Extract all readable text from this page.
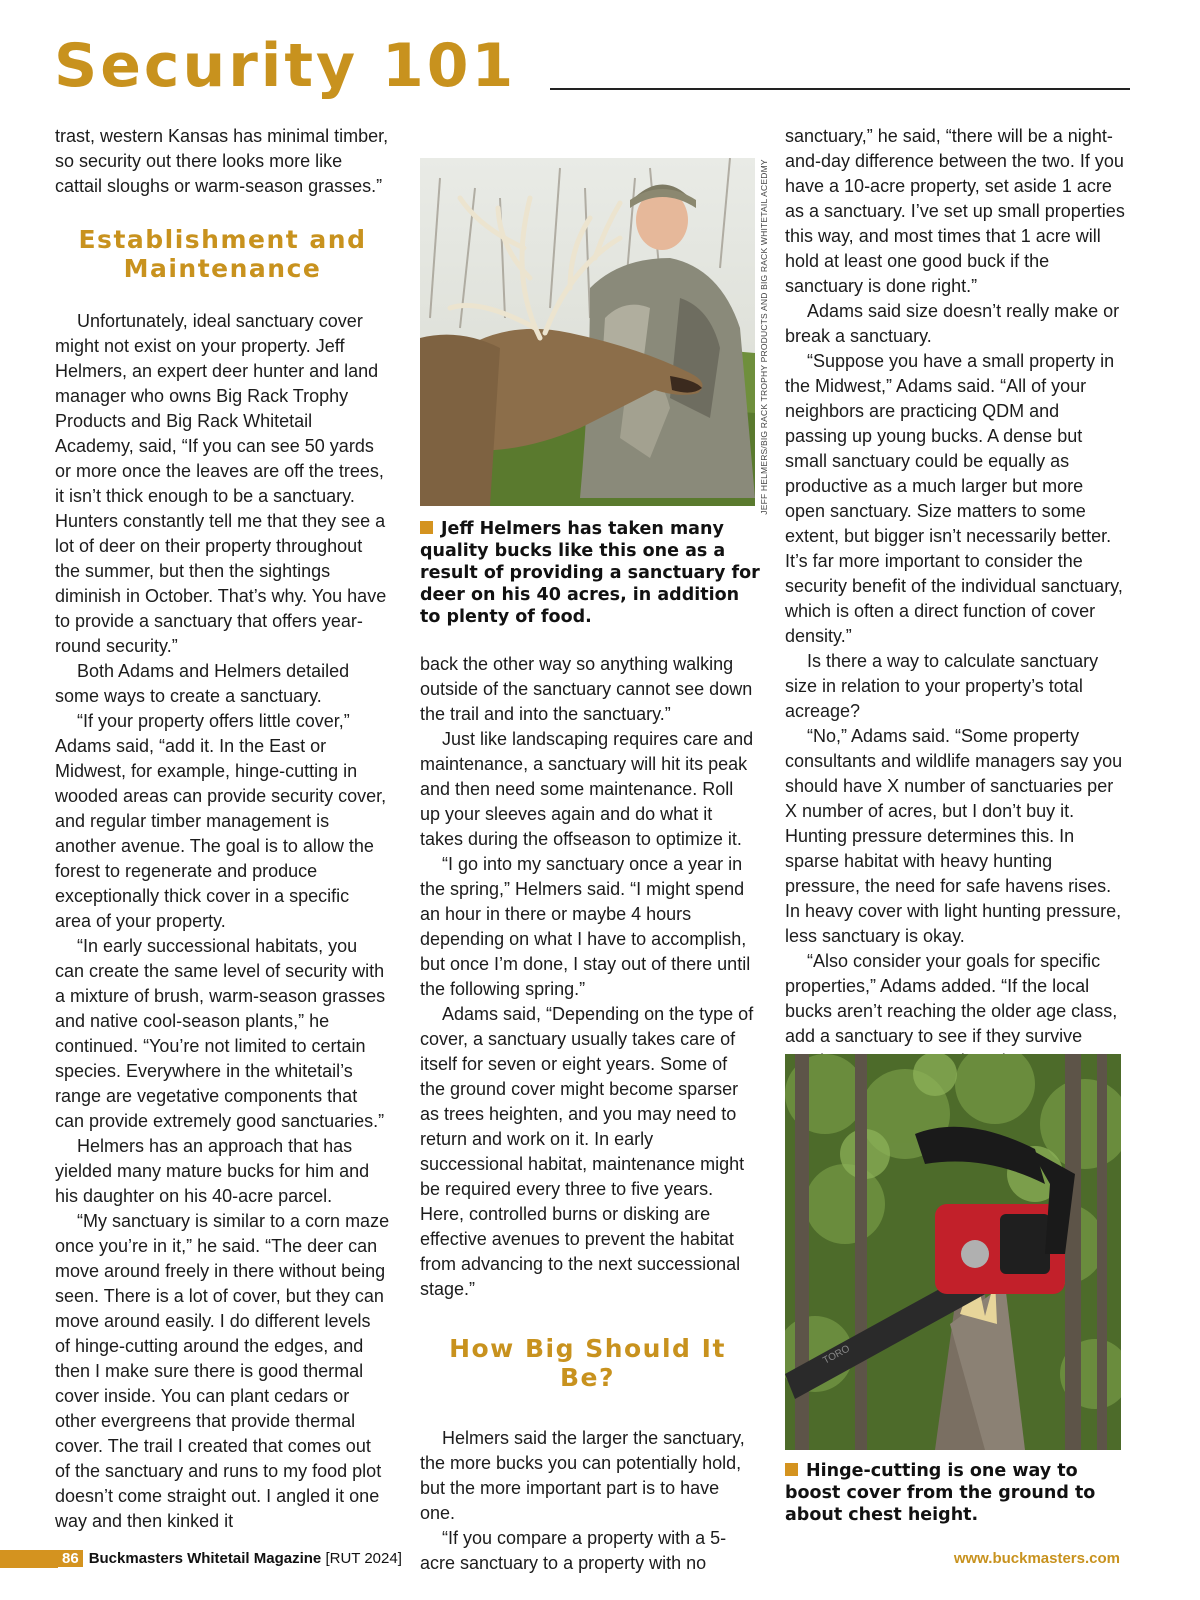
Security 101

trast, western Kansas has minimal timber, so security out there looks more like cattail sloughs or warm-season grasses.”

Establishment and Maintenance

Unfortunately, ideal sanctuary cover might not exist on your property. Jeff Helmers, an expert deer hunter and land manager who owns Big Rack Trophy Products and Big Rack Whitetail Academy, said, “If you can see 50 yards or more once the leaves are off the trees, it isn’t thick enough to be a sanctuary. Hunters constantly tell me that they see a lot of deer on their property throughout the summer, but then the sightings diminish in October. That’s why. You have to provide a sanctuary that offers year-round security.”

Both Adams and Helmers detailed some ways to create a sanctuary.

“If your property offers little cover,” Adams said, “add it. In the East or Midwest, for example, hinge-cutting in wooded areas can provide security cover, and regular timber management is another avenue. The goal is to allow the forest to regenerate and produce exceptionally thick cover in a specific area of your property.

“In early successional habitats, you can create the same level of security with a mixture of brush, warm-season grasses and native cool-season plants,” he continued. “You’re not limited to certain species. Everywhere in the whitetail’s range are vegetative components that can provide extremely good sanctuaries.”

Helmers has an approach that has yielded many mature bucks for him and his daughter on his 40-acre parcel.

“My sanctuary is similar to a corn maze once you’re in it,” he said. “The deer can move around freely in there without being seen. There is a lot of cover, but they can move around easily. I do different levels of hinge-cutting around the edges, and then I make sure there is good thermal cover inside. You can plant cedars or other evergreens that provide thermal cover. The trail I created that comes out of the sanctuary and runs to my food plot doesn’t come straight out. I angled it one way and then kinked it

JEFF HELMERS/BIG RACK TROPHY PRODUCTS AND BIG RACK WHITETAIL ACEDMY
Jeff Helmers has taken many quality bucks like this one as a result of providing a sanctuary for deer on his 40 acres, in addition to plenty of food.

back the other way so anything walking outside of the sanctuary cannot see down the trail and into the sanctuary.”

Just like landscaping requires care and maintenance, a sanctuary will hit its peak and then need some maintenance. Roll up your sleeves again and do what it takes during the offseason to optimize it.

“I go into my sanctuary once a year in the spring,” Helmers said. “I might spend an hour in there or maybe 4 hours depending on what I have to accomplish, but once I’m done, I stay out of there until the following spring.”

Adams said, “Depending on the type of cover, a sanctuary usually takes care of itself for seven or eight years. Some of the ground cover might become sparser as trees heighten, and you may need to return and work on it. In early successional habitat, maintenance might be required every three to five years. Here, controlled burns or disking are effective avenues to prevent the habitat from advancing to the next successional stage.”

How Big Should It Be?

Helmers said the larger the sanctuary, the more bucks you can potentially hold, but the more important part is to have one.

“If you compare a property with a 5-acre sanctuary to a property with no

sanctuary,” he said, “there will be a night-and-day difference between the two. If you have a 10-acre property, set aside 1 acre as a sanctuary. I’ve set up small properties this way, and most times that 1 acre will hold at least one good buck if the sanctuary is done right.”

Adams said size doesn’t really make or break a sanctuary.

“Suppose you have a small property in the Midwest,” Adams said. “All of your neighbors are practicing QDM and passing up young bucks. A dense but small sanctuary could be equally as productive as a much larger but more open sanctuary. Size matters to some extent, but bigger isn’t necessarily better. It’s far more important to consider the security benefit of the individual sanctuary, which is often a direct function of cover density.”

Is there a way to calculate sanctuary size in relation to your property’s total acreage?

“No,” Adams said. “Some property consultants and wildlife managers say you should have X number of sanctuaries per X number of acres, but I don’t buy it. Hunting pressure determines this. In sparse habitat with heavy hunting pressure, the need for safe havens rises. In heavy cover with light hunting pressure, less sanctuary is okay.

“Also consider your goals for specific properties,” Adams added. “If the local bucks aren’t reaching the older age class, add a sanctuary to see if they survive

TORO
Hinge-cutting is one way to boost cover from the ground to about chest height.
86 Buckmasters Whitetail Magazine [RUT 2024]	www.buckmasters.com
